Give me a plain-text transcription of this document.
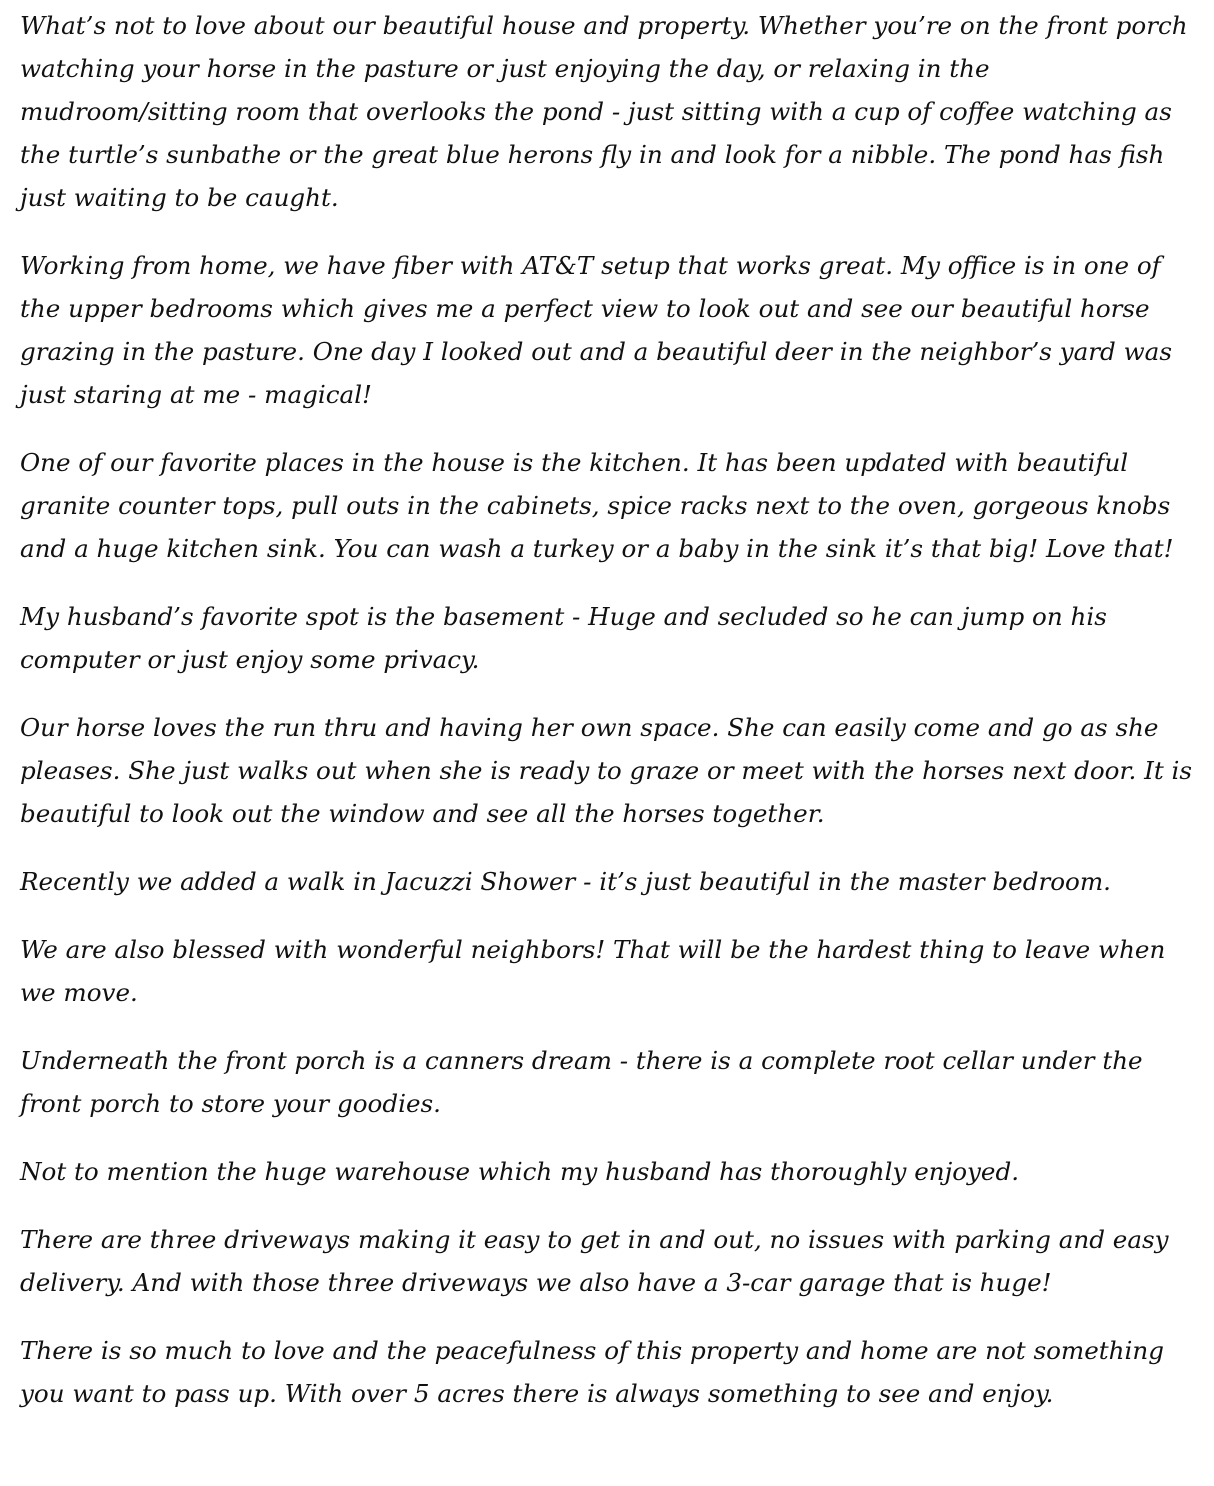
What’s not to love about our beautiful house and property. Whether you’re on the front porch watching your horse in the pasture or just enjoying the day, or relaxing in the mudroom/sitting room that overlooks the pond - just sitting with a cup of coffee watching as the turtle’s sunbathe or the great blue herons fly in and look for a nibble. The pond has fish just waiting to be caught.

Working from home, we have fiber with AT&T setup that works great. My office is in one of the upper bedrooms which gives me a perfect view to look out and see our beautiful horse grazing in the pasture. One day I looked out and a beautiful deer in the neighbor’s yard was just staring at me - magical!

One of our favorite places in the house is the kitchen. It has been updated with beautiful granite counter tops, pull outs in the cabinets, spice racks next to the oven, gorgeous knobs and a huge kitchen sink. You can wash a turkey or a baby in the sink it’s that big! Love that!

My husband’s favorite spot is the basement - Huge and secluded so he can jump on his computer or just enjoy some privacy.

Our horse loves the run thru and having her own space. She can easily come and go as she pleases. She just walks out when she is ready to graze or meet with the horses next door. It is beautiful to look out the window and see all the horses together.

Recently we added a walk in Jacuzzi Shower - it’s just beautiful in the master bedroom.

We are also blessed with wonderful neighbors! That will be the hardest thing to leave when we move.

Underneath the front porch is a canners dream - there is a complete root cellar under the front porch to store your goodies.

Not to mention the huge warehouse which my husband has thoroughly enjoyed.

There are three driveways making it easy to get in and out, no issues with parking and easy delivery. And with those three driveways we also have a 3-car garage that is huge!

There is so much to love and the peacefulness of this property and home are not something you want to pass up. With over 5 acres there is always something to see and enjoy.
